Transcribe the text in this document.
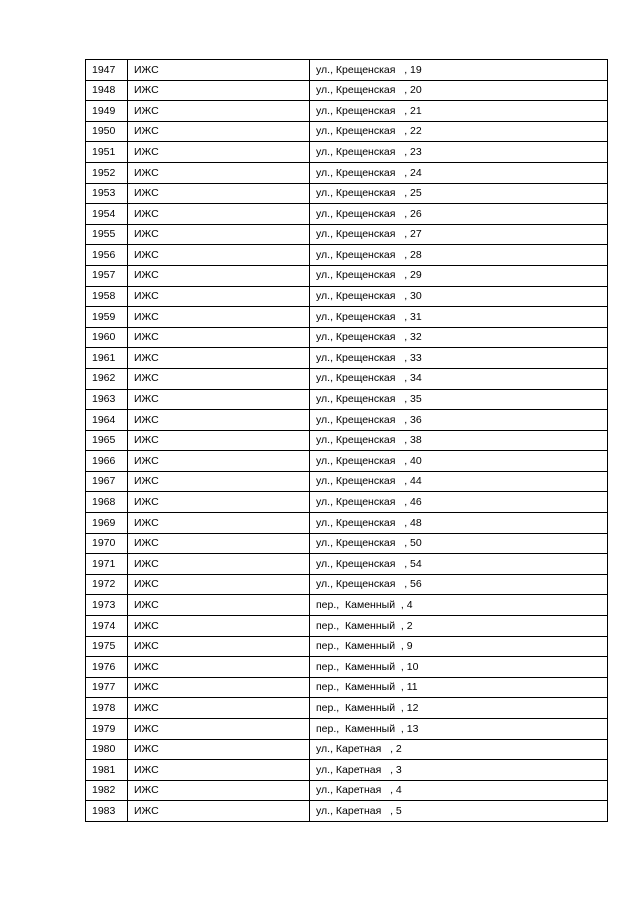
1947	ИЖС	ул., Крещенская   , 19
1948	ИЖС	ул., Крещенская   , 20
1949	ИЖС	ул., Крещенская   , 21
1950	ИЖС	ул., Крещенская   , 22
1951	ИЖС	ул., Крещенская   , 23
1952	ИЖС	ул., Крещенская   , 24
1953	ИЖС	ул., Крещенская   , 25
1954	ИЖС	ул., Крещенская   , 26
1955	ИЖС	ул., Крещенская   , 27
1956	ИЖС	ул., Крещенская   , 28
1957	ИЖС	ул., Крещенская   , 29
1958	ИЖС	ул., Крещенская   , 30
1959	ИЖС	ул., Крещенская   , 31
1960	ИЖС	ул., Крещенская   , 32
1961	ИЖС	ул., Крещенская   , 33
1962	ИЖС	ул., Крещенская   , 34
1963	ИЖС	ул., Крещенская   , 35
1964	ИЖС	ул., Крещенская   , 36
1965	ИЖС	ул., Крещенская   , 38
1966	ИЖС	ул., Крещенская   , 40
1967	ИЖС	ул., Крещенская   , 44
1968	ИЖС	ул., Крещенская   , 46
1969	ИЖС	ул., Крещенская   , 48
1970	ИЖС	ул., Крещенская   , 50
1971	ИЖС	ул., Крещенская   , 54
1972	ИЖС	ул., Крещенская   , 56
1973	ИЖС	пер.,  Каменный  , 4
1974	ИЖС	пер.,  Каменный  , 2
1975	ИЖС	пер.,  Каменный  , 9
1976	ИЖС	пер.,  Каменный  , 10
1977	ИЖС	пер.,  Каменный  , 11
1978	ИЖС	пер.,  Каменный  , 12
1979	ИЖС	пер.,  Каменный  , 13
1980	ИЖС	ул., Каретная   , 2
1981	ИЖС	ул., Каретная   , 3
1982	ИЖС	ул., Каретная   , 4
1983	ИЖС	ул., Каретная   , 5
